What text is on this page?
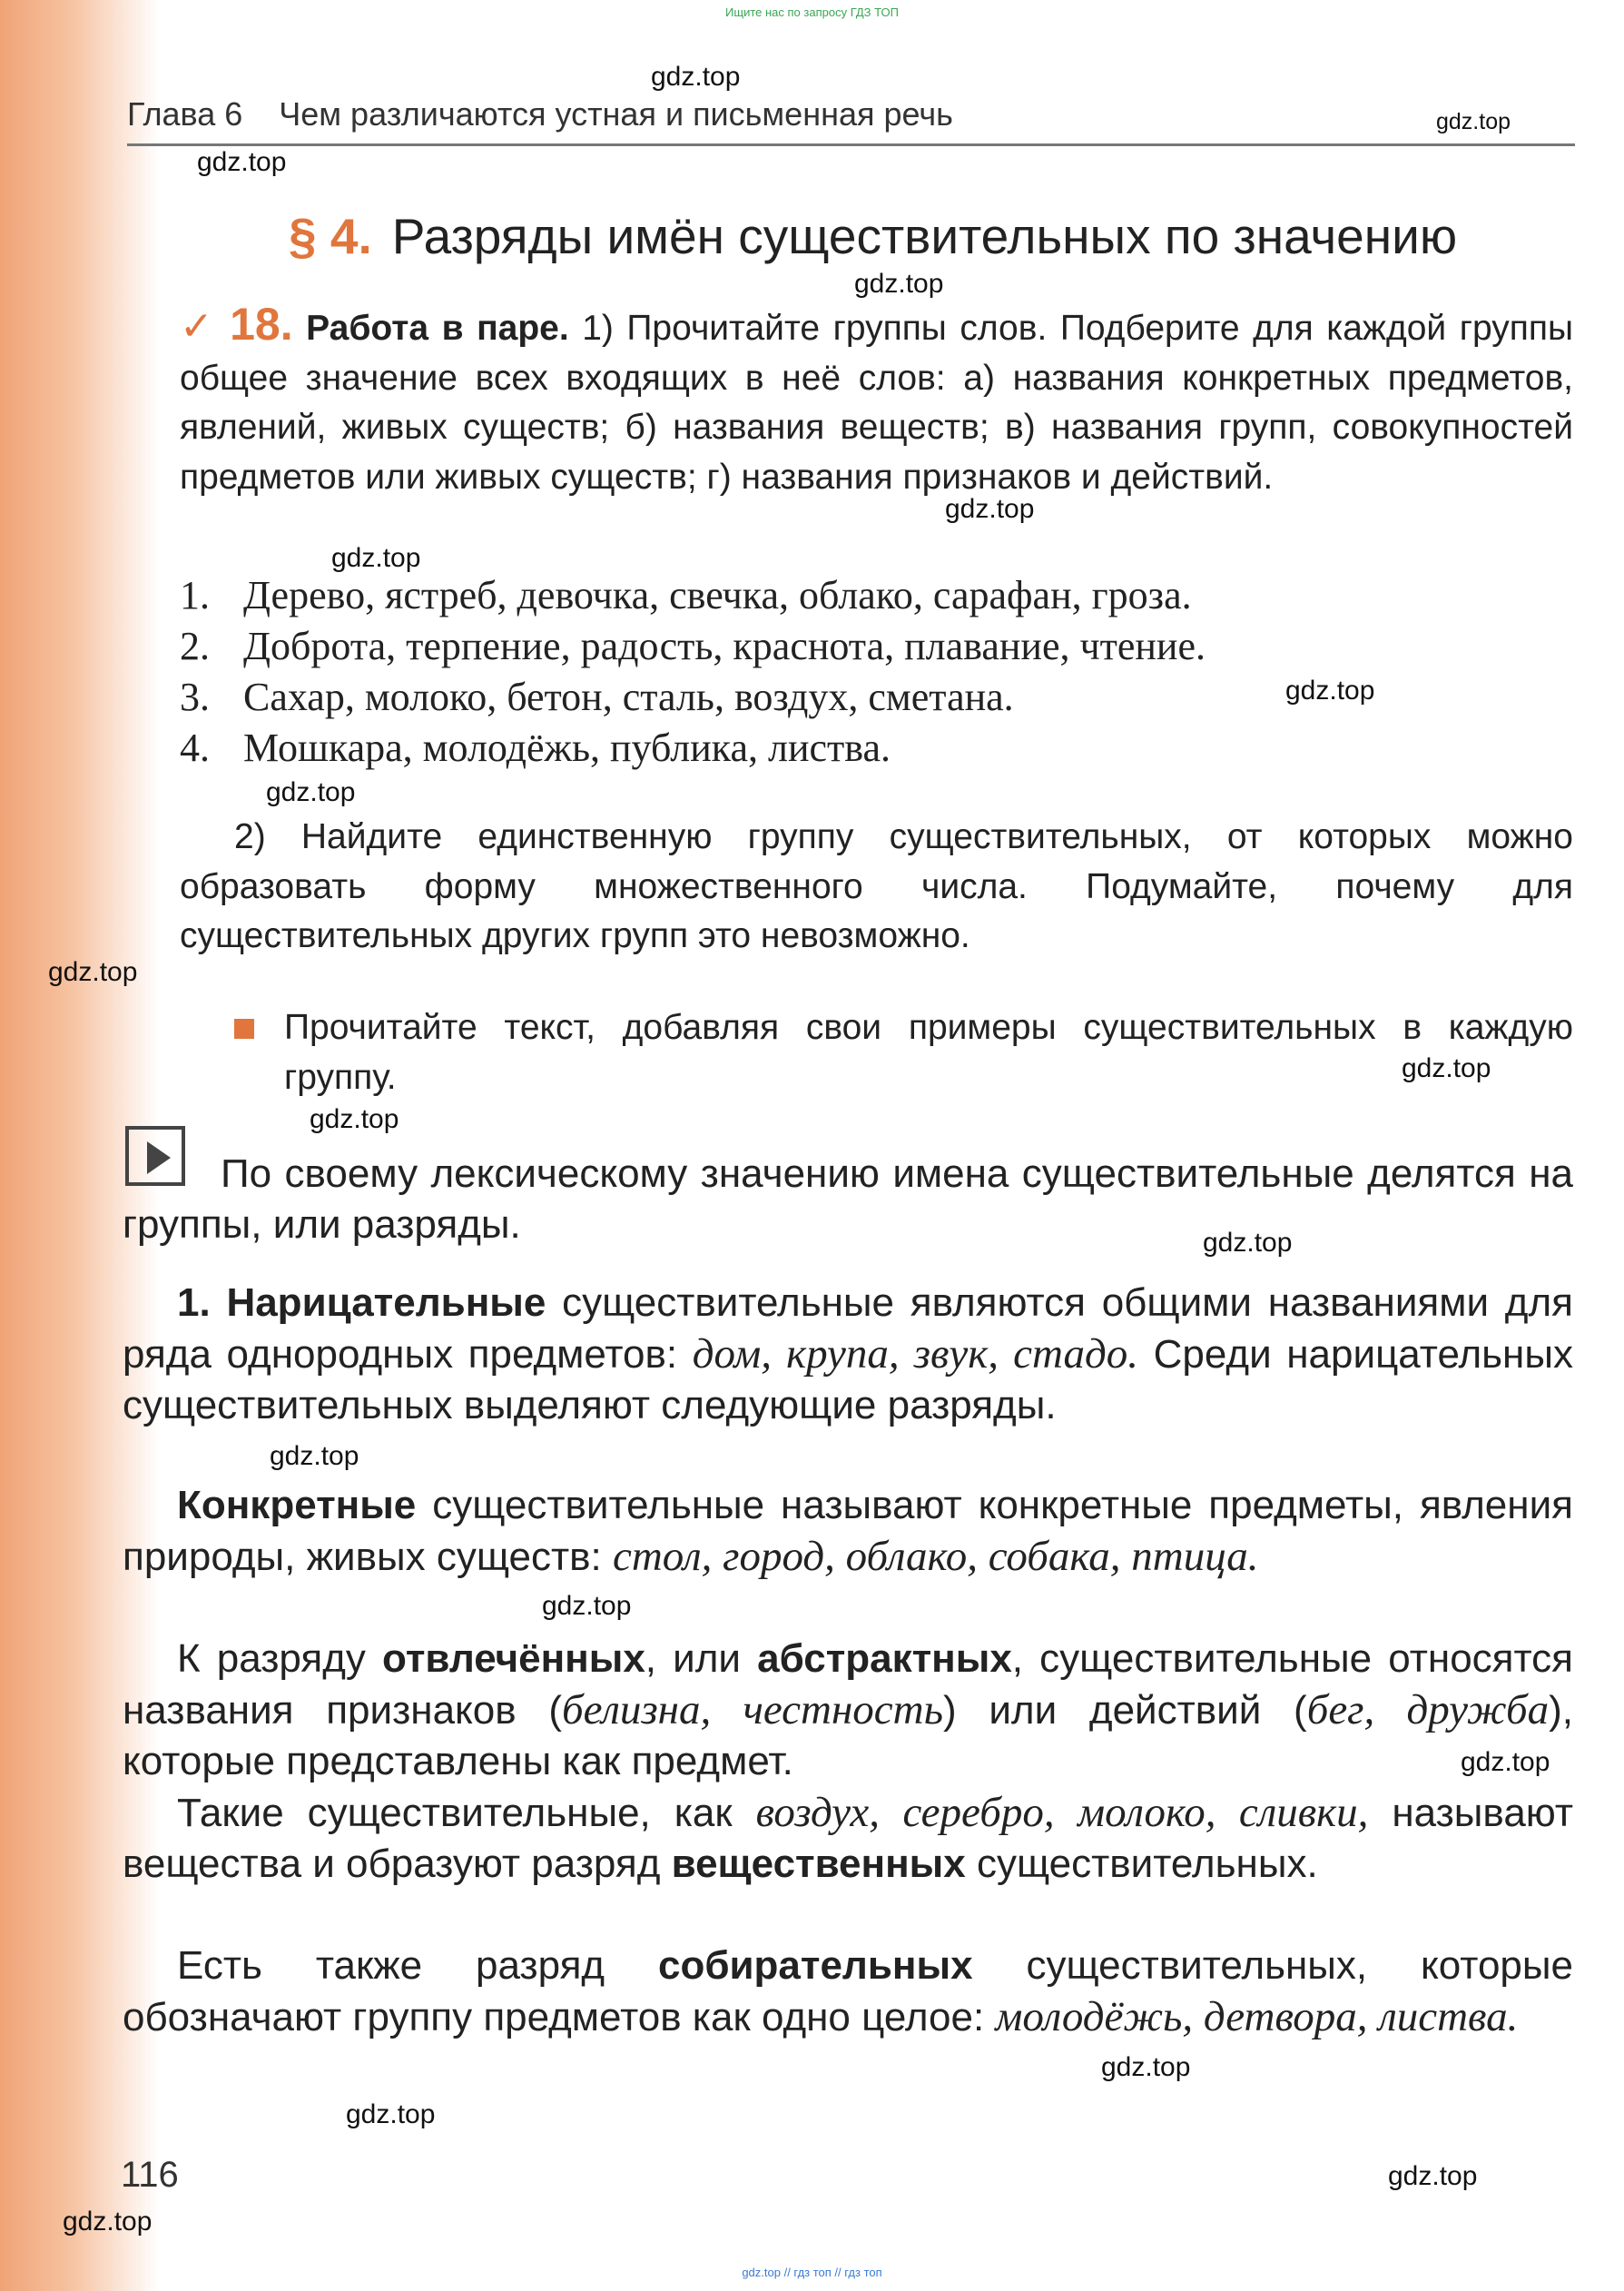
Ищите нас по запросу ГДЗ ТОП
Глава 6 Чем различаются устная и письменная речь
§ 4. Разряды имён существительных по значению
✓ 18. Работа в паре. 1) Прочитайте группы слов. Подберите для каждой группы общее значение всех входящих в неё слов: а) названия конкретных предметов, явлений, живых существ; б) названия веществ; в) названия групп, совокупностей предметов или живых существ; г) названия признаков и действий.
1. Дерево, ястреб, девочка, свечка, облако, сарафан, гроза.
2. Доброта, терпение, радость, краснота, плавание, чтение.
3. Сахар, молоко, бетон, сталь, воздух, сметана.
4. Мошкара, молодёжь, публика, листва.
2) Найдите единственную группу существительных, от которых можно образовать форму множественного числа. Подумайте, почему для существительных других групп это невозможно.
Прочитайте текст, добавляя свои примеры существительных в каждую группу.
По своему лексическому значению имена существительные делятся на группы, или разряды.
1. Нарицательные существительные являются общими названиями для ряда однородных предметов: дом, крупа, звук, стадо. Среди нарицательных существительных выделяют следующие разряды.
Конкретные существительные называют конкретные предметы, явления природы, живых существ: стол, город, облако, собака, птица.
К разряду отвлечённых, или абстрактных, существительные относятся названия признаков (белизна, честность) или действий (бег, дружба), которые представлены как предмет.
Такие существительные, как воздух, серебро, молоко, сливки, называют вещества и образуют разряд вещественных существительных.
Есть также разряд собирательных существительных, которые обозначают группу предметов как одно целое: молодёжь, детвора, листва.
116
gdz.top // гдз топ // гдз топ
gdz.top
gdz.top
gdz.top
gdz.top
gdz.top
gdz.top
gdz.top
gdz.top
gdz.top
gdz.top
gdz.top
gdz.top
gdz.top
gdz.top
gdz.top
gdz.top
gdz.top
gdz.top
gdz.top
